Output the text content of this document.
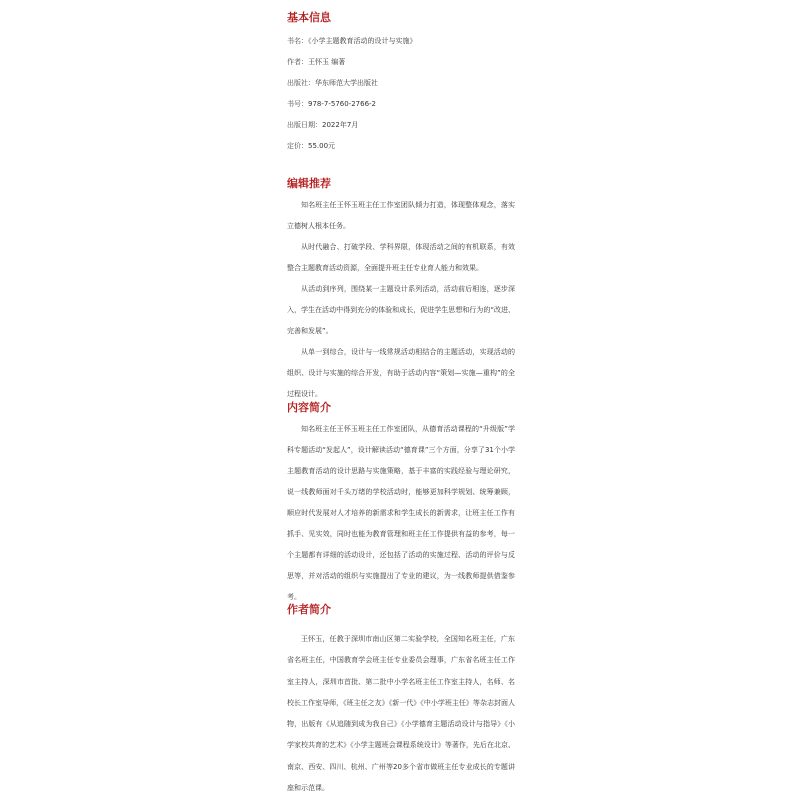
基本信息

书名：《小学主题教育活动的设计与实施》

作者：王怀玉 编著

出版社：华东师范大学出版社

书号：978-7-5760-2766-2

出版日期：2022年7月

定价：55.00元

编辑推荐

知名班主任王怀玉班主任工作室团队倾力打造，体现整体观念，落实立德树人根本任务。

从时代融合、打破学段、学科界限，体现活动之间的有机联系，有效整合主题教育活动资源，全面提升班主任专业育人能力和效果。

从活动到序列，围绕某一主题设计系列活动，活动前后相连，逐步深入，学生在活动中得到充分的体验和成长，促进学生思想和行为的“改进、完善和发展”。

从单一到综合，设计与一线常规活动相结合的主题活动，实现活动的组织、设计与实施的综合开发，有助于活动内容“策划—实施—重构”的全过程设计。

内容简介

知名班主任王怀玉班主任工作室团队，从德育活动课程的“升级版”学科专题活动“发起人”，设计解读活动“德育课”三个方面，分享了31个小学主题教育活动的设计思路与实施策略，基于丰富的实践经验与理论研究，说一线教师面对千头万绪的学校活动时，能够更加科学规划、统筹兼顾，顺应时代发展对人才培养的新需求和学生成长的新需求，让班主任工作有抓手、见实效，同时也能为教育管理和班主任工作提供有益的参考，每一个主题都有详细的活动设计，还包括了活动的实施过程、活动的评价与反思等，并对活动的组织与实施提出了专业的建议，为一线教师提供借鉴参考。

作者简介

王怀玉，任教于深圳市南山区第二实验学校，全国知名班主任，广东省名班主任，中国教育学会班主任专业委员会理事，广东省名班主任工作室主持人，深圳市首批、第二批中小学名班主任工作室主持人，名师、名校长工作室导师，《班主任之友》《新一代》《中小学班主任》等杂志封面人物，出版有《从追随到成为我自己》《小学德育主题活动设计与指导》《小学家校共育的艺术》《小学主题班会课程系统设计》等著作，先后在北京、南京、西安、四川、杭州、广州等20多个省市做班主任专业成长的专题讲座和示范课。
